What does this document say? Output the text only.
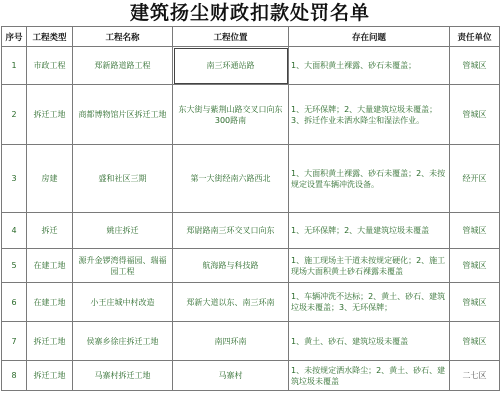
建筑扬尘财政扣款处罚名单
序号	工程类型	工程名称	工程位置	存在问题	责任单位
1	市政工程	郑新路道路工程	南三环通站路	1、大面积黄土裸露、砂石未覆盖；	管城区
2	拆迁工地	商都博物馆片区拆迁工地	东大街与紫荆山路交叉口向东300路南	1、无环保牌；2、大量建筑垃圾未覆盖；3、拆迁作业未洒水降尘和湿法作业。	管城区
3	房建	盛和社区三期	第一大街经南六路西北	1、大面积黄土裸露、砂石未覆盖；2、未按规定设置车辆冲洗设备。	经开区
4	拆迁	姚庄拆迁	郑尉路南三环交叉口向东	1、无环保牌；2、大量建筑垃圾未覆盖	管城区
5	在建工地	源升金锣湾得福园、瑞福园工程	航海路与科技路	1、施工现场主干道未按规定硬化；2、施工现场大面积黄土砂石裸露未覆盖	管城区
6	在建工地	小王庄城中村改造	郑新大道以东、南三环南	1、车辆冲洗不达标；2、黄土、砂石、建筑垃圾未覆盖；3、无环保牌；	管城区
7	拆迁工地	侯寨乡徐庄拆迁工地	南四环南	1、黄土、砂石、建筑垃圾未覆盖	管城区
8	拆迁工地	马寨村拆迁工地	马寨村	1、未按规定洒水降尘；2、黄土、砂石、建筑垃圾未覆盖	二七区
